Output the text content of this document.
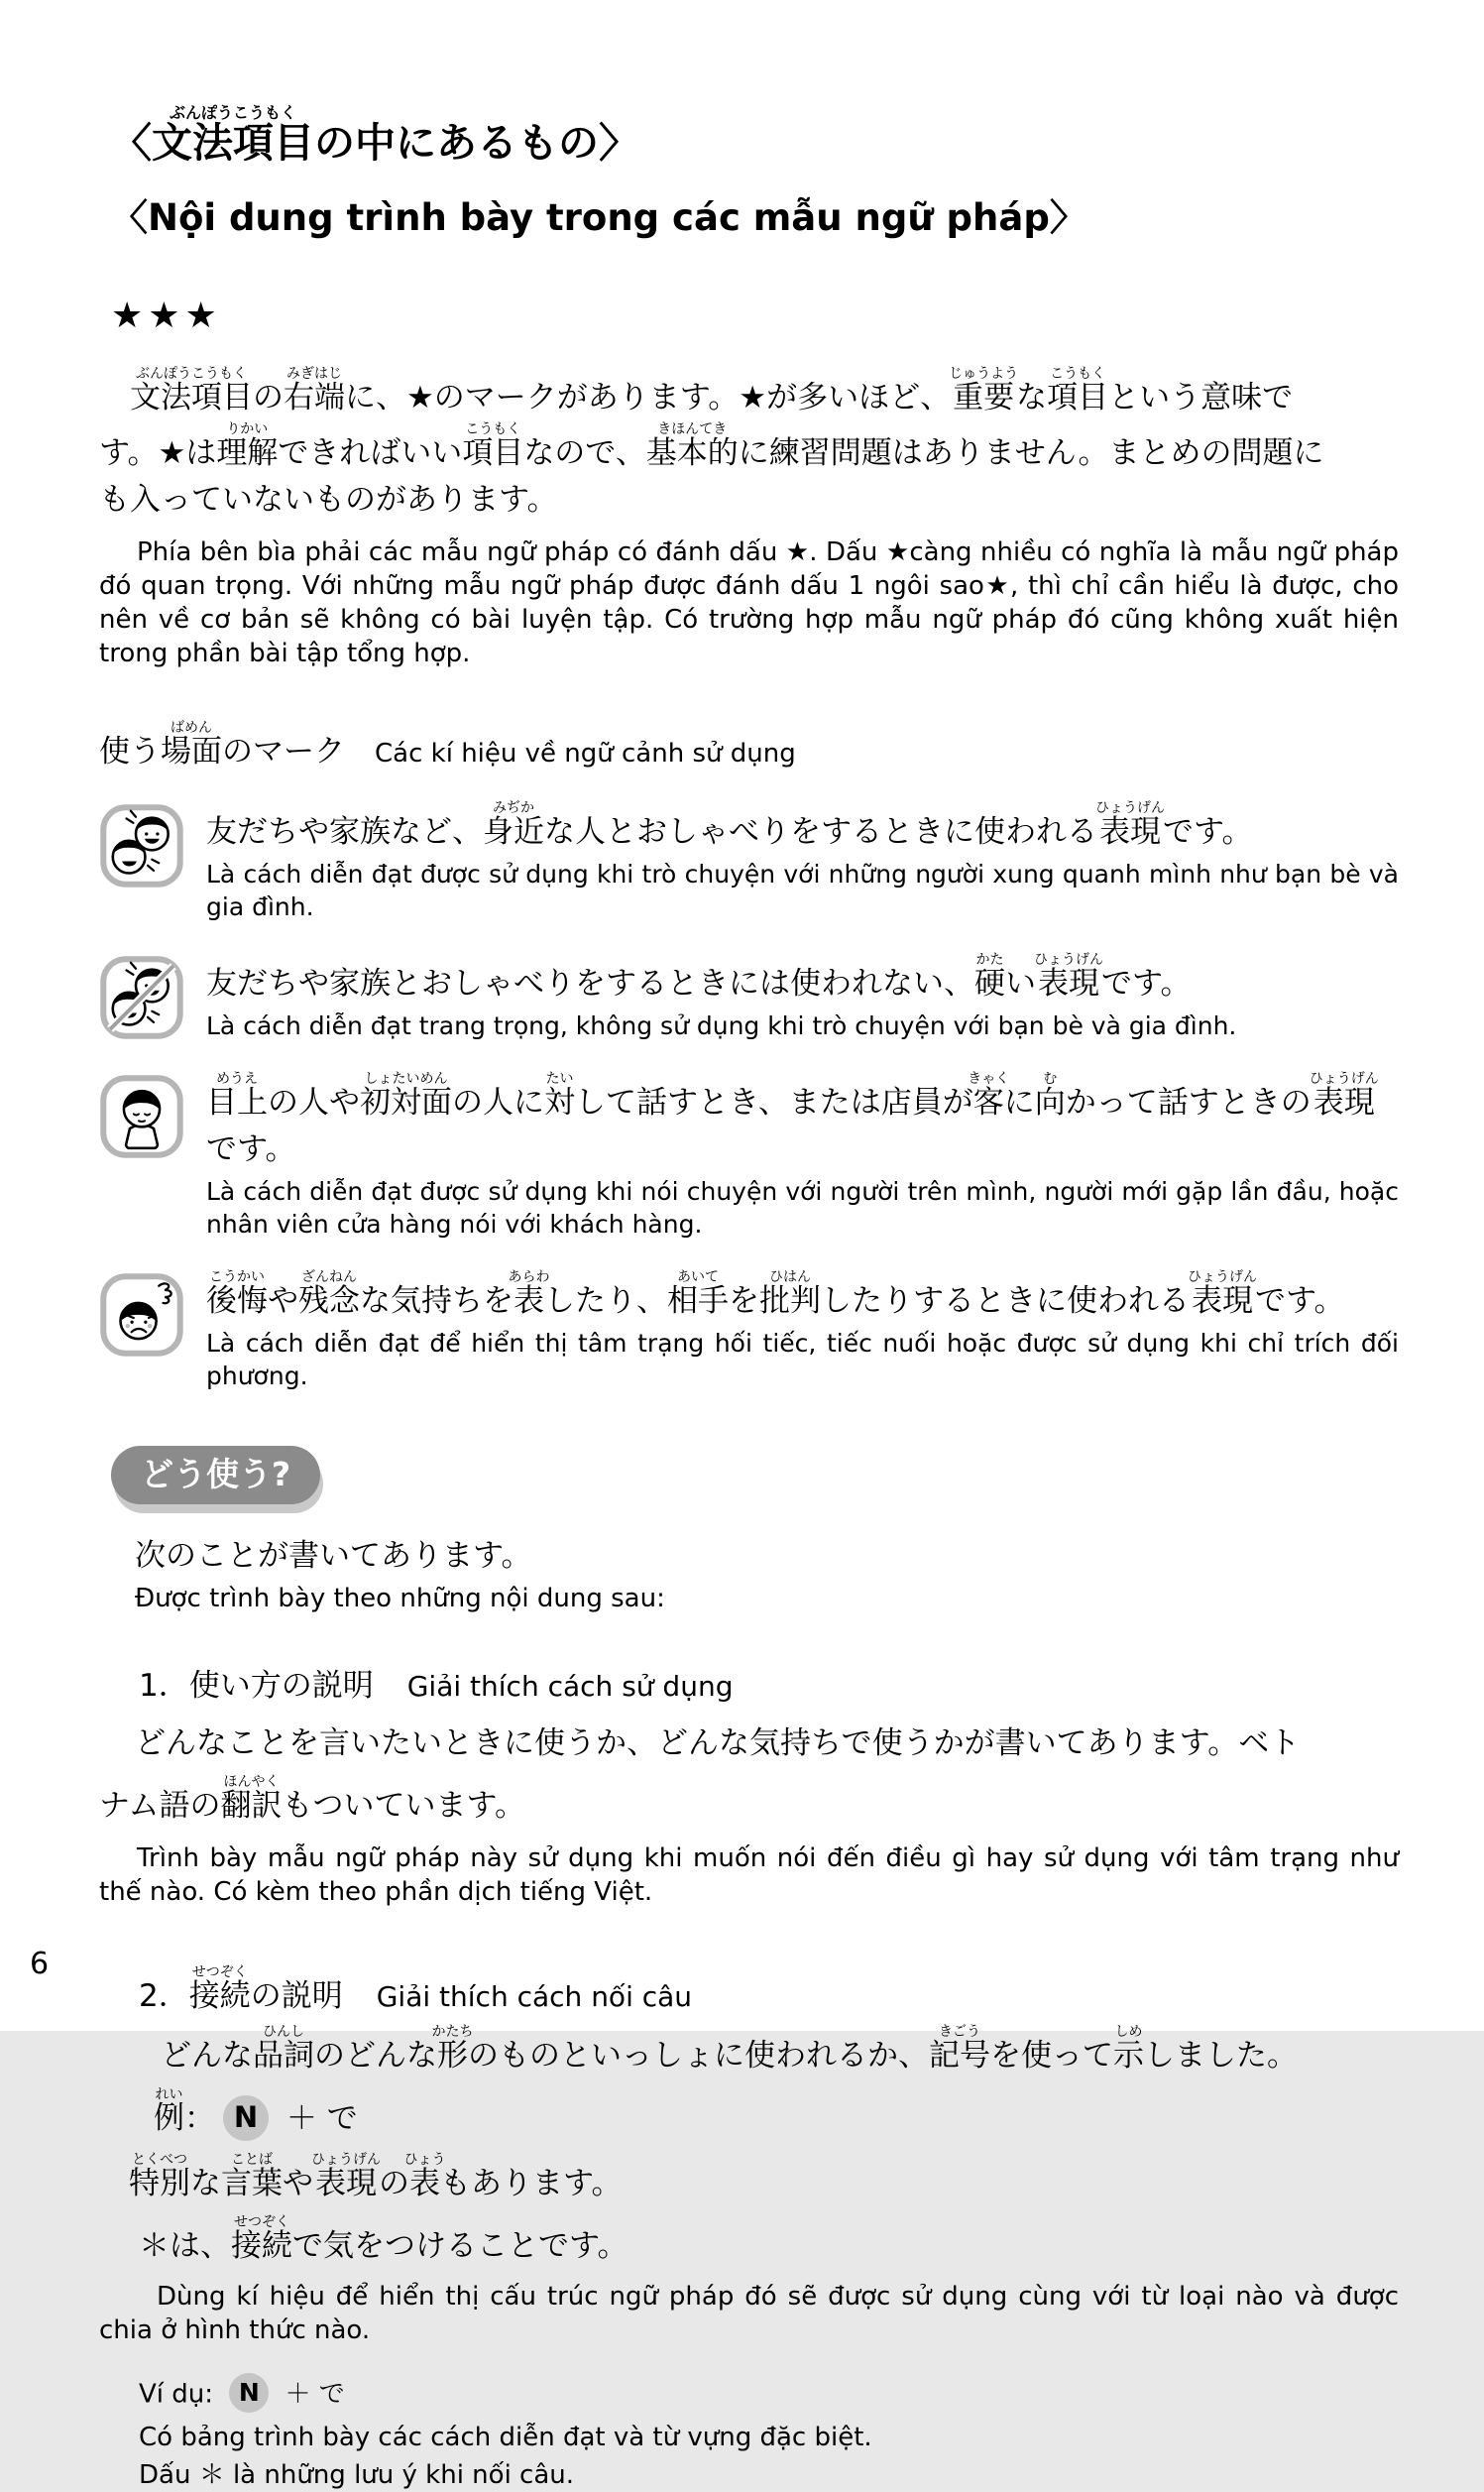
〈文法項目ぶんぽうこうもくの中にあるもの〉
〈Nội dung trình bày trong các mẫu ngữ pháp〉
★★★
　文法項目ぶんぽうこうもくの右端みぎはじに、★のマークがあります。★が多いほど、重要じゅうような項目こうもくという意味で
す。★は理解りかいできればいい項目こうもくなので、基本的きほんてきに練習問題はありません。まとめの問題に
も入っていないものがあります。

Phía bên bìa phải các mẫu ngữ pháp có đánh dấu ★. Dấu ★càng nhiều có nghĩa là mẫu ngữ pháp đó quan trọng. Với những mẫu ngữ pháp được đánh dấu 1 ngôi sao★, thì chỉ cần hiểu là được, cho nên về cơ bản sẽ không có bài luyện tập. Có trường hợp mẫu ngữ pháp đó cũng không xuất hiện trong phần bài tập tổng hợp.

使う場面ばめんのマーク Các kí hiệu về ngữ cảnh sử dụng
友だちや家族など、身近みぢかな人とおしゃべりをするときに使われる表現ひょうげんです。
Là cách diễn đạt được sử dụng khi trò chuyện với những người xung quanh mình như bạn bè và gia đình.
友だちや家族とおしゃべりをするときには使われない、硬かたい表現ひょうげんです。
Là cách diễn đạt trang trọng, không sử dụng khi trò chuyện với bạn bè và gia đình.
目上めうえの人や初対面しょたいめんの人に対たいして話すとき、または店員が客きゃくに向むかって話すときの表現ひょうげんです。
Là cách diễn đạt được sử dụng khi nói chuyện với người trên mình, người mới gặp lần đầu, hoặc nhân viên cửa hàng nói với khách hàng.
後悔こうかいや残念ざんねんな気持ちを表あらわしたり、相手あいてを批判ひはんしたりするときに使われる表現ひょうげんです。
Là cách diễn đạt để hiển thị tâm trạng hối tiếc, tiếc nuối hoặc được sử dụng khi chỉ trích đối phương.
どう使う?
次のことが書いてあります。
Được trình bày theo những nội dung sau:
1．使い方の説明 Giải thích cách sử dụng
どんなことを言いたいときに使うか、どんな気持ちで使うかが書いてあります。ベト
ナム語の翻訳ほんやくもついています。

Trình bày mẫu ngữ pháp này sử dụng khi muốn nói đến điều gì hay sử dụng với tâm trạng như thế nào. Có kèm theo phần dịch tiếng Việt.

2．接続せつぞくの説明 Giải thích cách nối câu
どんな品詞ひんしのどんな形かたちのものといっしょに使われるか、記号きごうを使って示しめしました。
例れい： N ＋ で
特別とくべつな言葉ことばや表現ひょうげんの表ひょうもあります。
＊は、接続せつぞくで気をつけることです。

Dùng kí hiệu để hiển thị cấu trúc ngữ pháp đó sẽ được sử dụng cùng với từ loại nào và được chia ở hình thức nào.

Ví dụ: N ＋ で
Có bảng trình bày các cách diễn đạt và từ vựng đặc biệt.
Dấu ＊ là những lưu ý khi nối câu.
6
